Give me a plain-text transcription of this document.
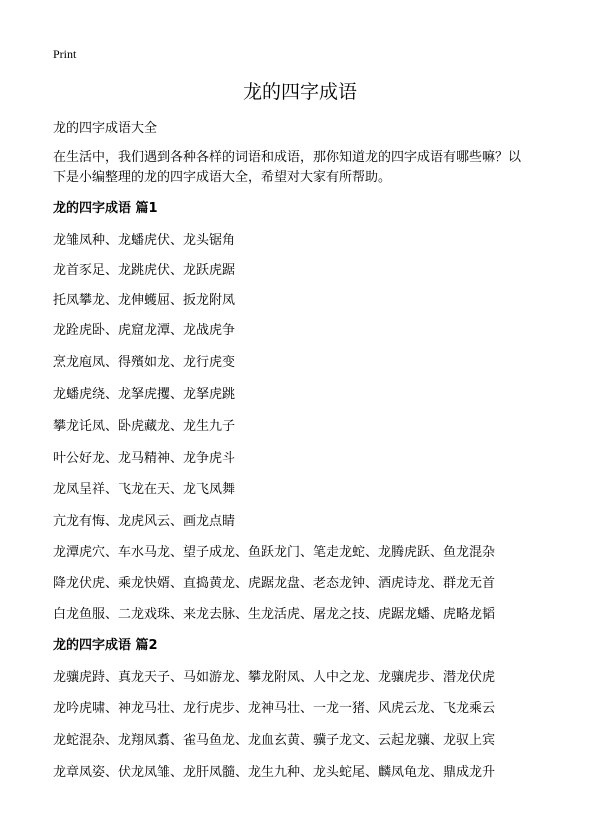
Print
龙的四字成语
龙的四字成语大全
在生活中，我们遇到各种各样的词语和成语，那你知道龙的四字成语有哪些嘛？以
下是小编整理的龙的四字成语大全，希望对大家有所帮助。
龙的四字成语 篇1
龙雏凤种、龙蟠虎伏、龙头锯角
龙首豕足、龙跳虎伏、龙跃虎踞
托凤攀龙、龙伸蠖屈、扳龙附凤
龙跧虎卧、虎窟龙潭、龙战虎争
烹龙庖凤、得殯如龙、龙行虎变
龙蟠虎绕、龙拏虎攫、龙拏虎跳
攀龙讬凤、卧虎藏龙、龙生九子
叶公好龙、龙马精神、龙争虎斗
龙凤呈祥、飞龙在天、龙飞凤舞
亢龙有悔、龙虎风云、画龙点睛
龙潭虎穴、车水马龙、望子成龙、鱼跃龙门、笔走龙蛇、龙腾虎跃、鱼龙混杂
降龙伏虎、乘龙快婿、直捣黄龙、虎踞龙盘、老态龙钟、酒虎诗龙、群龙无首
白龙鱼服、二龙戏珠、来龙去脉、生龙活虎、屠龙之技、虎踞龙蟠、虎略龙韬
龙的四字成语 篇2
龙骧虎跱、真龙天子、马如游龙、攀龙附凤、人中之龙、龙骧虎步、潜龙伏虎
龙吟虎啸、神龙马壮、龙行虎步、龙神马壮、一龙一猪、风虎云龙、飞龙乘云
龙蛇混杂、龙翔凤翥、雀马鱼龙、龙血玄黄、骥子龙文、云起龙骧、龙驭上宾
龙章凤姿、伏龙凤雏、龙肝凤髓、龙生九种、龙头蛇尾、麟凤龟龙、鼎成龙升
